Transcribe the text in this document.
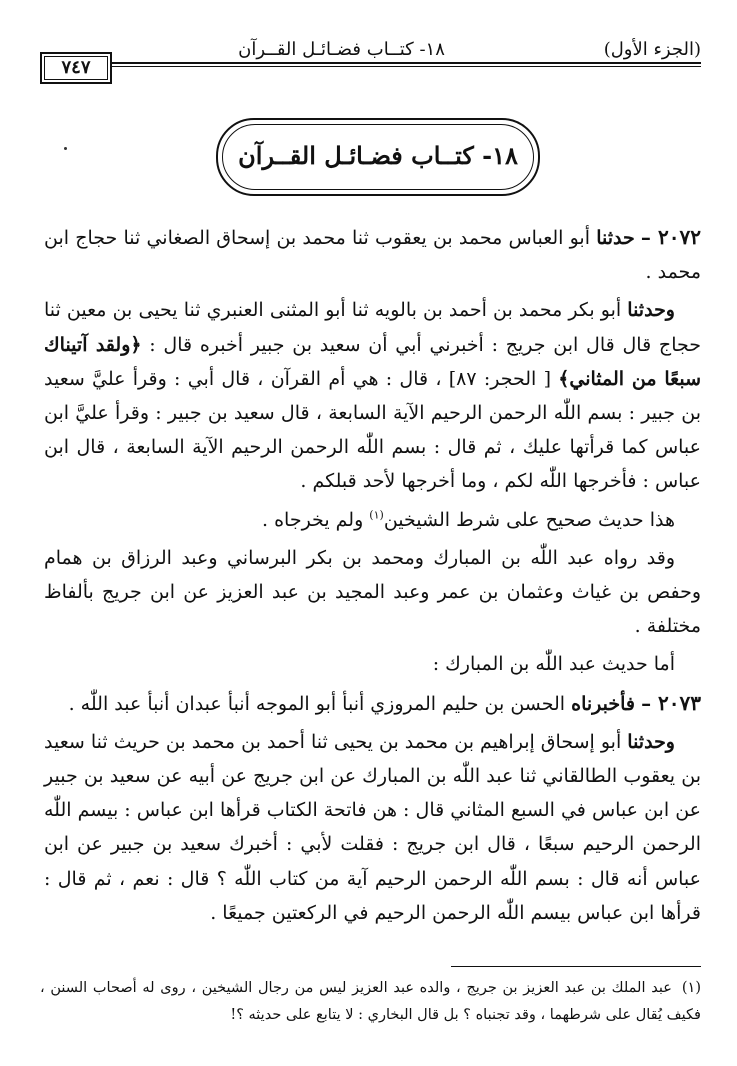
(الجزء الأول)
١٨- كتــاب فضـائـل القــرآن
٧٤٧
١٨- كتــاب فضـائـل القــرآن

٢٠٧٢ – حدثنا أبو العباس محمد بن يعقوب ثنا محمد بن إسحاق الصغاني ثنا حجاج ابن محمد .

وحدثنا أبو بكر محمد بن أحمد بن بالويه ثنا أبو المثنى العنبري ثنا يحيى بن معين ثنا حجاج قال قال ابن جريج : أخبرني أبي أن سعيد بن جبير أخبره قال : ﴿ولقد آتيناك سبعًا من المثاني﴾ [ الحجر: ٨٧] ، قال : هي أم القرآن ، قال أبي : وقرأ عليَّ سعيد بن جبير : بسم اللّٰه الرحمن الرحيم الآية السابعة ، قال سعيد بن جبير : وقرأ عليَّ ابن عباس كما قرأتها عليك ، ثم قال : بسم اللّٰه الرحمن الرحيم الآية السابعة ، قال ابن عباس : فأخرجها اللّٰه لكم ، وما أخرجها لأحد قبلكم .

هذا حديث صحيح على شرط الشيخين$^{(١)}$ ولم يخرجاه .

وقد رواه عبد اللّٰه بن المبارك ومحمد بن بكر البرساني وعبد الرزاق بن همام وحفص بن غياث وعثمان بن عمر وعبد المجيد بن عبد العزيز عن ابن جريج بألفاظ مختلفة .

أما حديث عبد اللّٰه بن المبارك :

٢٠٧٣ – فأخبرناه الحسن بن حليم المروزي أنبأ أبو الموجه أنبأ عبدان أنبأ عبد اللّٰه .

وحدثنا أبو إسحاق إبراهيم بن محمد بن يحيى ثنا أحمد بن محمد بن حريث ثنا سعيد بن يعقوب الطالقاني ثنا عبد اللّٰه بن المبارك عن ابن جريج عن أبيه عن سعيد بن جبير عن ابن عباس في السبع المثاني قال : هن فاتحة الكتاب قرأها ابن عباس : بيسم اللّٰه الرحمن الرحيم سبعًا ، قال ابن جريج : فقلت لأبي : أخبرك سعيد بن جبير عن ابن عباس أنه قال : بسم اللّٰه الرحمن الرحيم آية من كتاب اللّٰه ؟ قال : نعم ، ثم قال : قرأها ابن عباس بيسم اللّٰه الرحمن الرحيم في الركعتين جميعًا .

(١)عبد الملك بن عبد العزيز بن جريج ، والده عبد العزيز ليس من رجال الشيخين ، روى له أصحاب السنن ، فكيف يُقال على شرطهما ، وقد تجنباه ؟ بل قال البخاري : لا يتابع على حديثه ؟!
